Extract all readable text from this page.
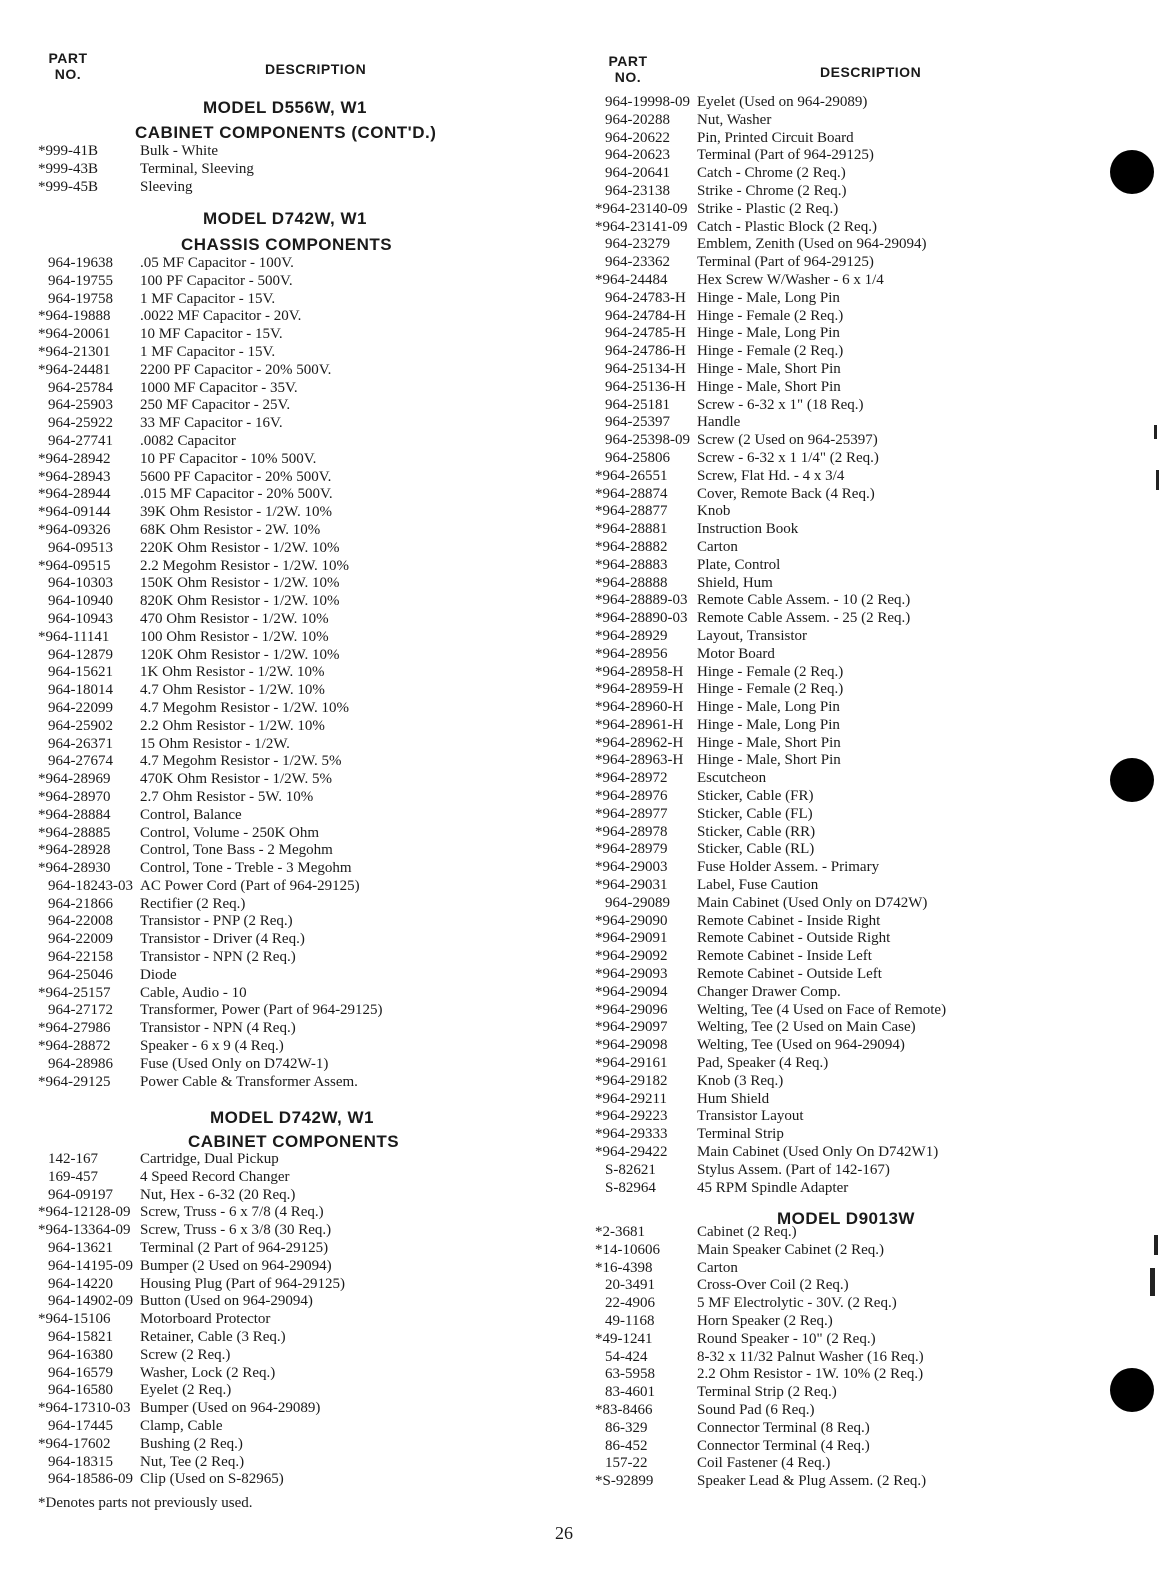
PART
NO.	DESCRIPTION
MODEL D556W, W1
CABINET COMPONENTS (CONT'D.)
*999-41B	Bulk - White
*999-43B	Terminal, Sleeving
*999-45B	Sleeving
MODEL D742W, W1
CHASSIS COMPONENTS
964-19638 .05 MF Capacitor - 100V.
964-19755 100 PF Capacitor - 500V.
964-19758 1 MF Capacitor - 15V.
*964-19888 .0022 MF Capacitor - 20V.
*964-20061 10 MF Capacitor - 15V.
*964-21301 1 MF Capacitor - 15V.
*964-24481 2200 PF Capacitor - 20% 500V.
964-25784 1000 MF Capacitor - 35V.
964-25903 250 MF Capacitor - 25V.
964-25922 33 MF Capacitor - 16V.
964-27741 .0082 Capacitor
*964-28942 10 PF Capacitor - 10% 500V.
*964-28943 5600 PF Capacitor - 20% 500V.
*964-28944 .015 MF Capacitor - 20% 500V.
*964-09144 39K Ohm Resistor - 1/2W. 10%
*964-09326 68K Ohm Resistor - 2W. 10%
964-09513 220K Ohm Resistor - 1/2W. 10%
*964-09515 2.2 Megohm Resistor - 1/2W. 10%
964-10303 150K Ohm Resistor - 1/2W. 10%
964-10940 820K Ohm Resistor - 1/2W. 10%
964-10943 470 Ohm Resistor - 1/2W. 10%
*964-11141 100 Ohm Resistor - 1/2W. 10%
964-12879 120K Ohm Resistor - 1/2W. 10%
964-15621 1K Ohm Resistor - 1/2W. 10%
964-18014 4.7 Ohm Resistor - 1/2W. 10%
964-22099 4.7 Megohm Resistor - 1/2W. 10%
964-25902 2.2 Ohm Resistor - 1/2W. 10%
964-26371 15 Ohm Resistor - 1/2W.
964-27674 4.7 Megohm Resistor - 1/2W. 5%
*964-28969 470K Ohm Resistor - 1/2W. 5%
*964-28970 2.7 Ohm Resistor - 5W. 10%
*964-28884 Control, Balance
*964-28885 Control, Volume - 250K Ohm
*964-28928 Control, Tone Bass - 2 Megohm
*964-28930 Control, Tone - Treble - 3 Megohm
964-18243-03 AC Power Cord (Part of 964-29125)
964-21866 Rectifier (2 Req.)
964-22008 Transistor - PNP (2 Req.)
964-22009 Transistor - Driver (4 Req.)
964-22158 Transistor - NPN (2 Req.)
964-25046 Diode
*964-25157 Cable, Audio - 10
964-27172 Transformer, Power (Part of 964-29125)
*964-27986 Transistor - NPN (4 Req.)
*964-28872 Speaker - 6 x 9 (4 Req.)
964-28986 Fuse (Used Only on D742W-1)
*964-29125 Power Cable & Transformer Assem.
MODEL D742W, W1
CABINET COMPONENTS
142-167	Cartridge, Dual Pickup
169-457	4 Speed Record Changer
964-09197 Nut, Hex - 6-32 (20 Req.)
*964-12128-09 Screw, Truss - 6 x 7/8 (4 Req.)
*964-13364-09 Screw, Truss - 6 x 3/8 (30 Req.)
964-13621 Terminal (2 Part of 964-29125)
964-14195-09 Bumper (2 Used on 964-29094)
964-14220 Housing Plug (Part of 964-29125)
964-14902-09 Button (Used on 964-29094)
*964-15106 Motorboard Protector
964-15821 Retainer, Cable (3 Req.)
964-16380 Screw (2 Req.)
964-16579 Washer, Lock (2 Req.)
964-16580 Eyelet (2 Req.)
*964-17310-03 Bumper (Used on 964-29089)
964-17445 Clamp, Cable
*964-17602 Bushing (2 Req.)
964-18315 Nut, Tee (2 Req.)
964-18586-09 Clip (Used on S-82965)
PART
NO.	DESCRIPTION
964-19998-09 Eyelet (Used on 964-29089)
964-20288 Nut, Washer
964-20622 Pin, Printed Circuit Board
964-20623 Terminal (Part of 964-29125)
964-20641 Catch - Chrome (2 Req.)
964-23138 Strike - Chrome (2 Req.)
*964-23140-09 Strike - Plastic (2 Req.)
*964-23141-09 Catch - Plastic Block (2 Req.)
964-23279 Emblem, Zenith (Used on 964-29094)
964-23362 Terminal (Part of 964-29125)
*964-24484 Hex Screw W/Washer - 6 x 1/4
964-24783-H Hinge - Male, Long Pin
964-24784-H Hinge - Female (2 Req.)
964-24785-H Hinge - Male, Long Pin
964-24786-H Hinge - Female (2 Req.)
964-25134-H Hinge - Male, Short Pin
964-25136-H Hinge - Male, Short Pin
964-25181 Screw - 6-32 x 1" (18 Req.)
964-25397 Handle
964-25398-09 Screw (2 Used on 964-25397)
964-25806 Screw - 6-32 x 1 1/4" (2 Req.)
*964-26551 Screw, Flat Hd. - 4 x 3/4
*964-28874 Cover, Remote Back (4 Req.)
*964-28877 Knob
*964-28881 Instruction Book
*964-28882 Carton
*964-28883 Plate, Control
*964-28888 Shield, Hum
*964-28889-03 Remote Cable Assem. - 10 (2 Req.)
*964-28890-03 Remote Cable Assem. - 25 (2 Req.)
*964-28929 Layout, Transistor
*964-28956 Motor Board
*964-28958-H Hinge - Female (2 Req.)
*964-28959-H Hinge - Female (2 Req.)
*964-28960-H Hinge - Male, Long Pin
*964-28961-H Hinge - Male, Long Pin
*964-28962-H Hinge - Male, Short Pin
*964-28963-H Hinge - Male, Short Pin
*964-28972 Escutcheon
*964-28976 Sticker, Cable (FR)
*964-28977 Sticker, Cable (FL)
*964-28978 Sticker, Cable (RR)
*964-28979 Sticker, Cable (RL)
*964-29003 Fuse Holder Assem. - Primary
*964-29031 Label, Fuse Caution
964-29089 Main Cabinet (Used Only on D742W)
*964-29090 Remote Cabinet - Inside Right
*964-29091 Remote Cabinet - Outside Right
*964-29092 Remote Cabinet - Inside Left
*964-29093 Remote Cabinet - Outside Left
*964-29094 Changer Drawer Comp.
*964-29096 Welting, Tee (4 Used on Face of Remote)
*964-29097 Welting, Tee (2 Used on Main Case)
*964-29098 Welting, Tee (Used on 964-29094)
*964-29161 Pad, Speaker (4 Req.)
*964-29182 Knob (3 Req.)
*964-29211 Hum Shield
*964-29223 Transistor Layout
*964-29333 Terminal Strip
*964-29422 Main Cabinet (Used Only On D742W1)
S-82621	Stylus Assem. (Part of 142-167)
S-82964	45 RPM Spindle Adapter
MODEL D9013W
*2-3681	Cabinet (2 Req.)
*14-10606 Main Speaker Cabinet (2 Req.)
*16-4398	Carton
20-3491	Cross-Over Coil (2 Req.)
22-4906	5 MF Electrolytic - 30V. (2 Req.)
49-1168	Horn Speaker (2 Req.)
*49-1241	Round Speaker - 10" (2 Req.)
54-424	8-32 x 11/32 Palnut Washer (16 Req.)
63-5958	2.2 Ohm Resistor - 1W. 10% (2 Req.)
83-4601	Terminal Strip (2 Req.)
*83-8466	Sound Pad (6 Req.)
86-329	Connector Terminal (8 Req.)
86-452	Connector Terminal (4 Req.)
157-22	Coil Fastener (4 Req.)
*S-92899	Speaker Lead & Plug Assem. (2 Req.)
*Denotes parts not previously used.
26
